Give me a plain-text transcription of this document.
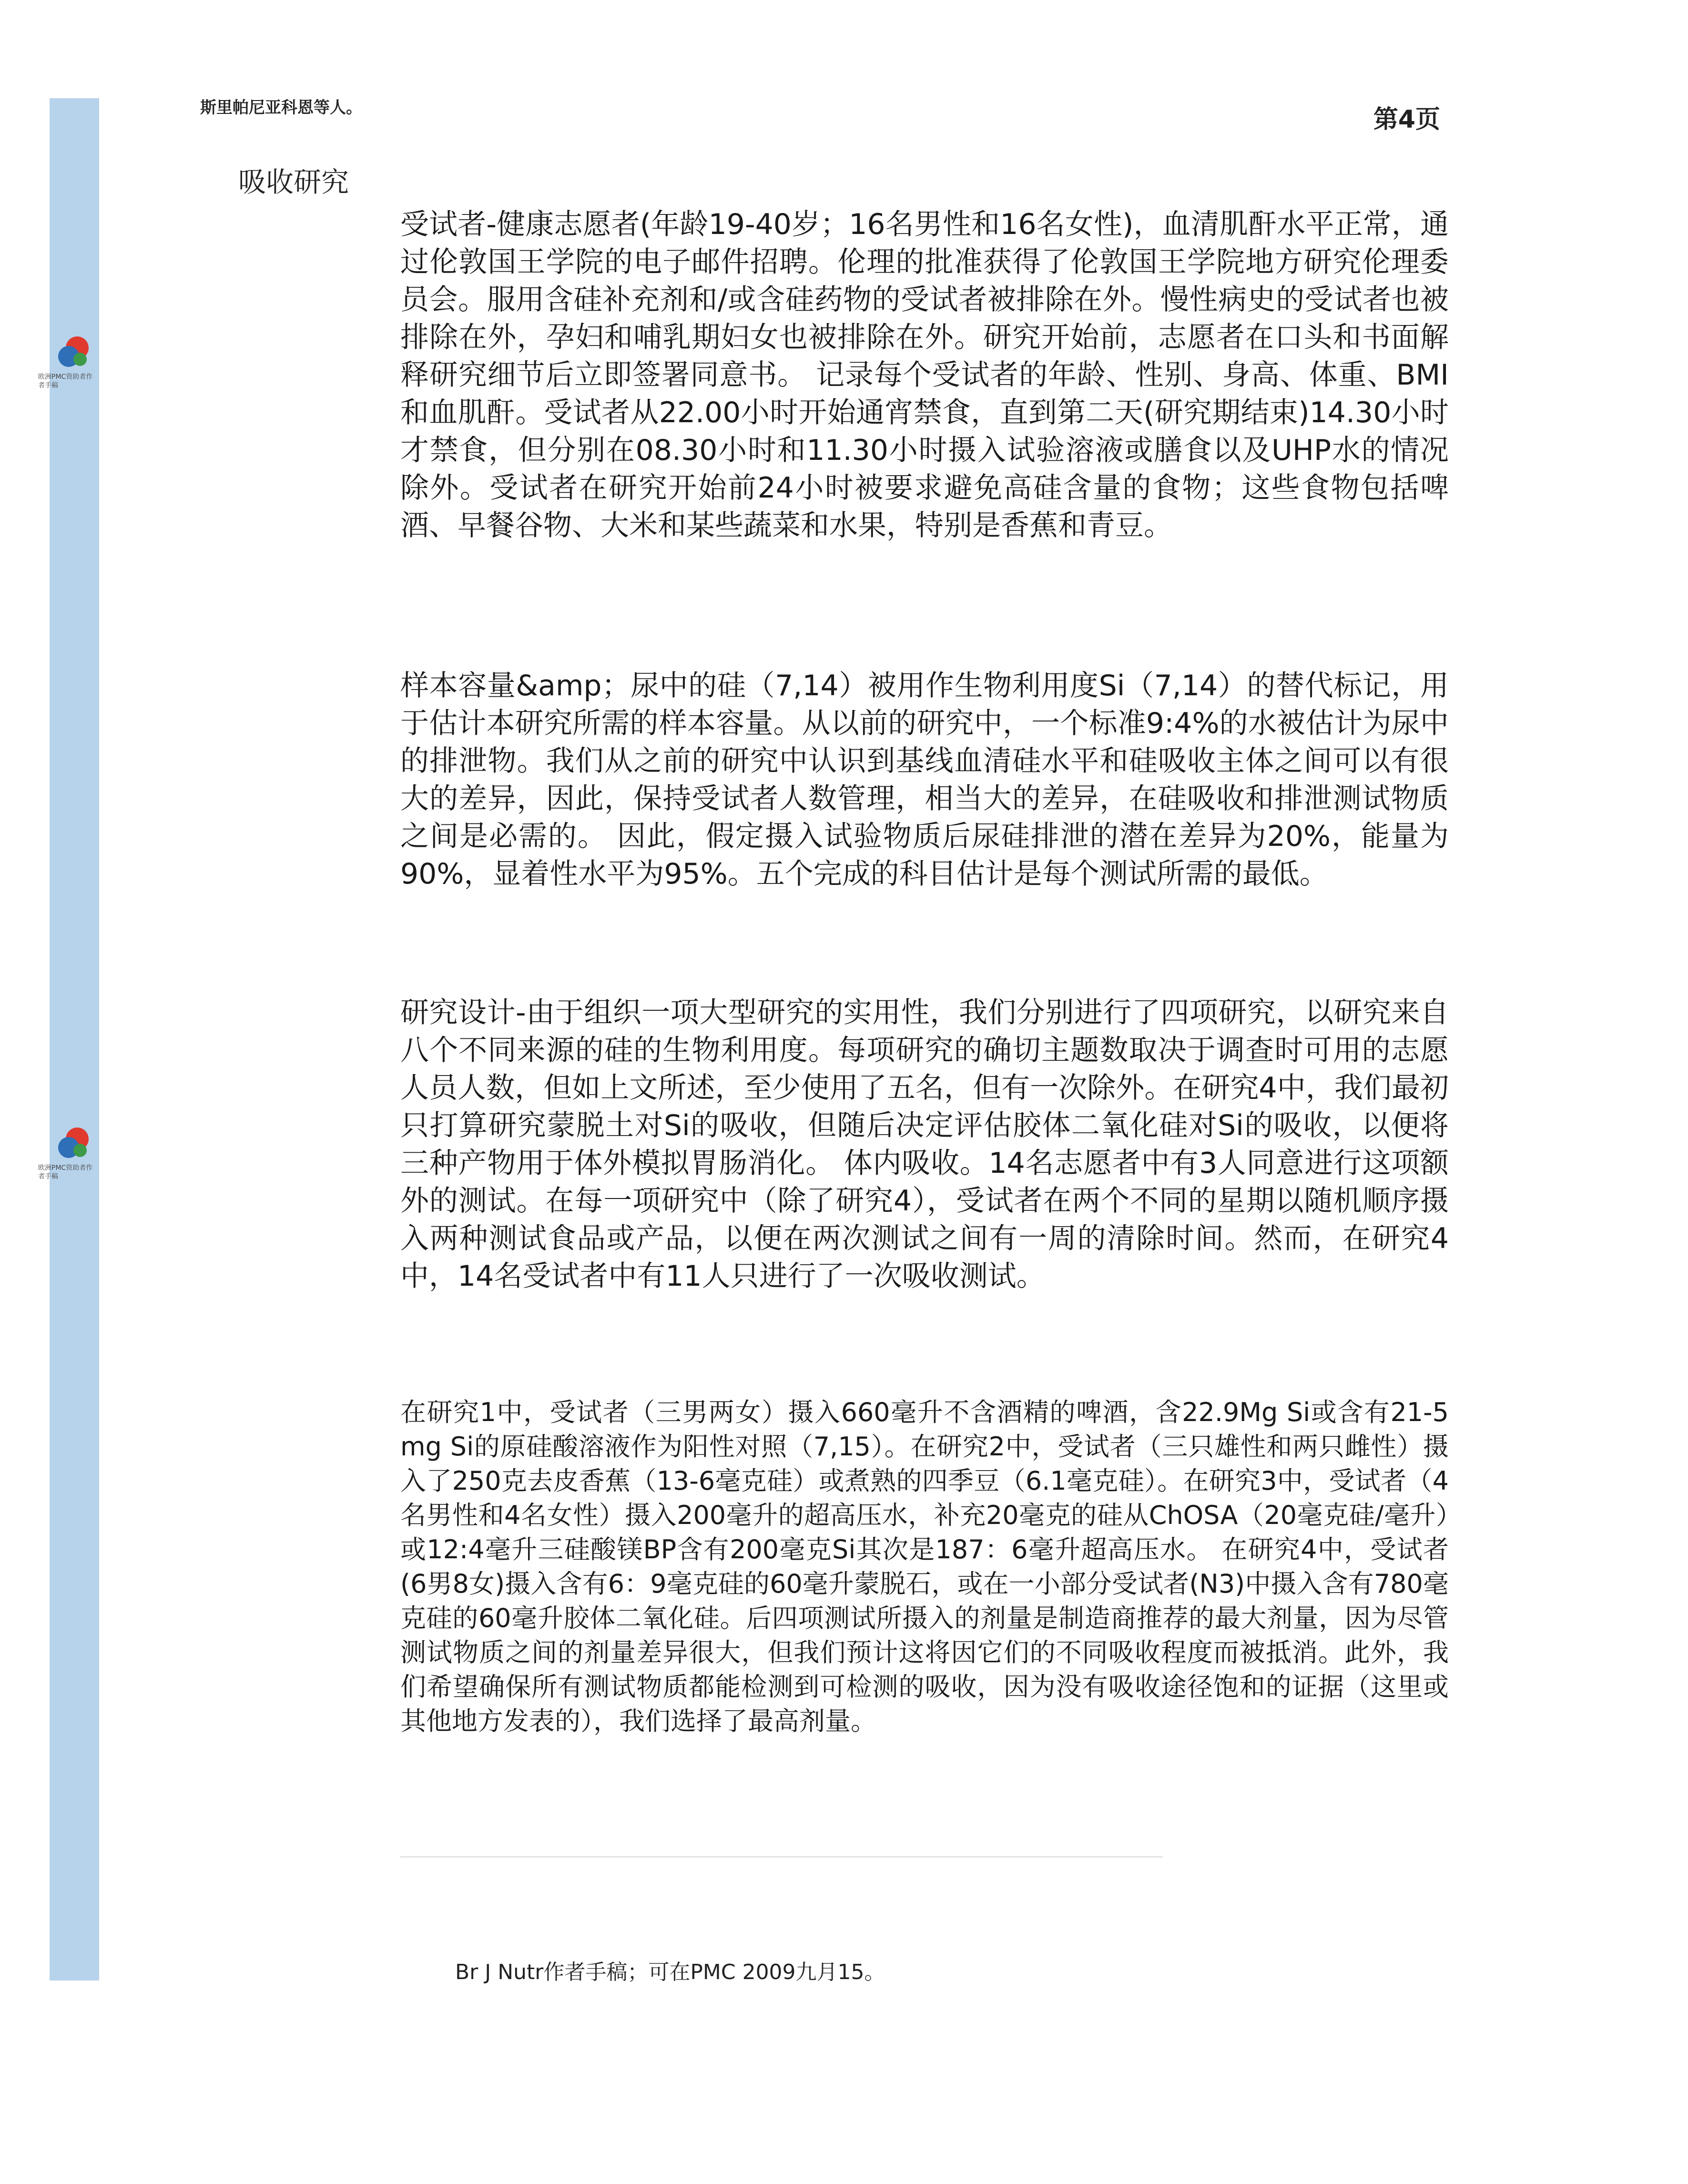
欧洲PMC资助者作者手稿
欧洲PMC资助者作者手稿
斯里帕尼亚科恩等人。	第4页
吸收研究

受试者-健康志愿者(年龄19-40岁；16名男性和16名女性)，血清肌酐水平正常，通过伦敦国王学院的电子邮件招聘。伦理的批准获得了伦敦国王学院地方研究伦理委员会。服用含硅补充剂和/或含硅药物的受试者被排除在外。慢性病史的受试者也被排除在外，孕妇和哺乳期妇女也被排除在外。研究开始前，志愿者在口头和书面解释研究细节后立即签署同意书。 记录每个受试者的年龄、性别、身高、体重、BMI和血肌酐。受试者从22.00小时开始通宵禁食，直到第二天(研究期结束)14.30小时才禁食，但分别在08.30小时和11.30小时摄入试验溶液或膳食以及UHP水的情况除外。受试者在研究开始前24小时被要求避免高硅含量的食物；这些食物包括啤酒、早餐谷物、大米和某些蔬菜和水果，特别是香蕉和青豆。

样本容量&amp；尿中的硅（7,14）被用作生物利用度Si（7,14）的替代标记，用于估计本研究所需的样本容量。从以前的研究中，一个标准9:4%的水被估计为尿中的排泄物。我们从之前的研究中认识到基线血清硅水平和硅吸收主体之间可以有很大的差异，因此，保持受试者人数管理，相当大的差异，在硅吸收和排泄测试物质之间是必需的。 因此，假定摄入试验物质后尿硅排泄的潜在差异为20%，能量为90%，显着性水平为95%。五个完成的科目估计是每个测试所需的最低。

研究设计-由于组织一项大型研究的实用性，我们分别进行了四项研究，以研究来自八个不同来源的硅的生物利用度。每项研究的确切主题数取决于调查时可用的志愿人员人数，但如上文所述，至少使用了五名，但有一次除外。在研究4中，我们最初只打算研究蒙脱土对Si的吸收，但随后决定评估胶体二氧化硅对Si的吸收，以便将三种产物用于体外模拟胃肠消化。 体内吸收。14名志愿者中有3人同意进行这项额外的测试。在每一项研究中（除了研究4），受试者在两个不同的星期以随机顺序摄入两种测试食品或产品，以便在两次测试之间有一周的清除时间。然而，在研究4中，14名受试者中有11人只进行了一次吸收测试。

在研究1中，受试者（三男两女）摄入660毫升不含酒精的啤酒，含22.9Mg Si或含有21-5 mg Si的原硅酸溶液作为阳性对照（7,15）。在研究2中，受试者（三只雄性和两只雌性）摄入了250克去皮香蕉（13-6毫克硅）或煮熟的四季豆（6.1毫克硅）。在研究3中，受试者（4名男性和4名女性）摄入200毫升的超高压水，补充20毫克的硅从ChOSA（20毫克硅/毫升）或12:4毫升三硅酸镁BP含有200毫克Si其次是187：6毫升超高压水。 在研究4中，受试者(6男8女)摄入含有6：9毫克硅的60毫升蒙脱石，或在一小部分受试者(N3)中摄入含有780毫克硅的60毫升胶体二氧化硅。后四项测试所摄入的剂量是制造商推荐的最大剂量，因为尽管测试物质之间的剂量差异很大，但我们预计这将因它们的不同吸收程度而被抵消。此外，我们希望确保所有测试物质都能检测到可检测的吸收，因为没有吸收途径饱和的证据（这里或其他地方发表的），我们选择了最高剂量。

Br J Nutr作者手稿；可在PMC 2009九月15。
